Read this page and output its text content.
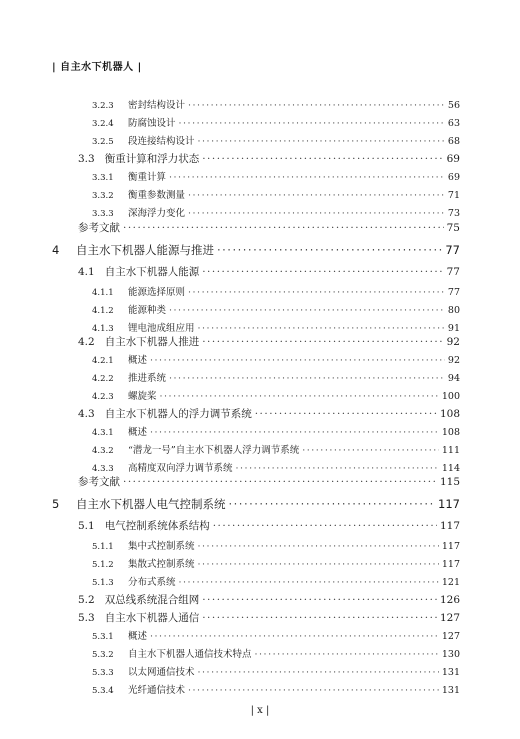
| 自主水下机器人 |
3.2.3	密封结构设计 ·····	56
3.2.4	防腐蚀设计 ·····	63
3.2.5	段连接结构设计 ·····	68
3.3 衡重计算和浮力状态 ·····	69
3.3.1	衡重计算 ·····	69
3.3.2	衡重参数测量 ·····	71
3.3.3	深海浮力变化 ·····	73
参考文献 ·····	75
4	自主水下机器人能源与推进 ·····	77
4.1 自主水下机器人能源 ·····	77
4.1.1	能源选择原则 ·····	77
4.1.2	能源种类 ·····	80
4.1.3	锂电池成组应用 ·····	91
4.2 自主水下机器人推进 ·····	92
4.2.1	概述 ·····	92
4.2.2	推进系统 ·····	94
4.2.3	螺旋桨 ·····	100
4.3 自主水下机器人的浮力调节系统 ·····	108
4.3.1	概述 ·····	108
4.3.2	“潜龙一号”自主水下机器人浮力调节系统 ·····	111
4.3.3	高精度双向浮力调节系统 ·····	114
参考文献 ·····	115
5	自主水下机器人电气控制系统 ·····	117
5.1 电气控制系统体系结构 ·····	117
5.1.1	集中式控制系统 ·····	117
5.1.2	集散式控制系统 ·····	117
5.1.3	分布式系统 ·····	121
5.2 双总线系统混合组网 ·····	126
5.3 自主水下机器人通信 ·····	127
5.3.1	概述 ·····	127
5.3.2	自主水下机器人通信技术特点 ·····	130
5.3.3	以太网通信技术 ·····	131
5.3.4	光纤通信技术 ·····	131
| x |
